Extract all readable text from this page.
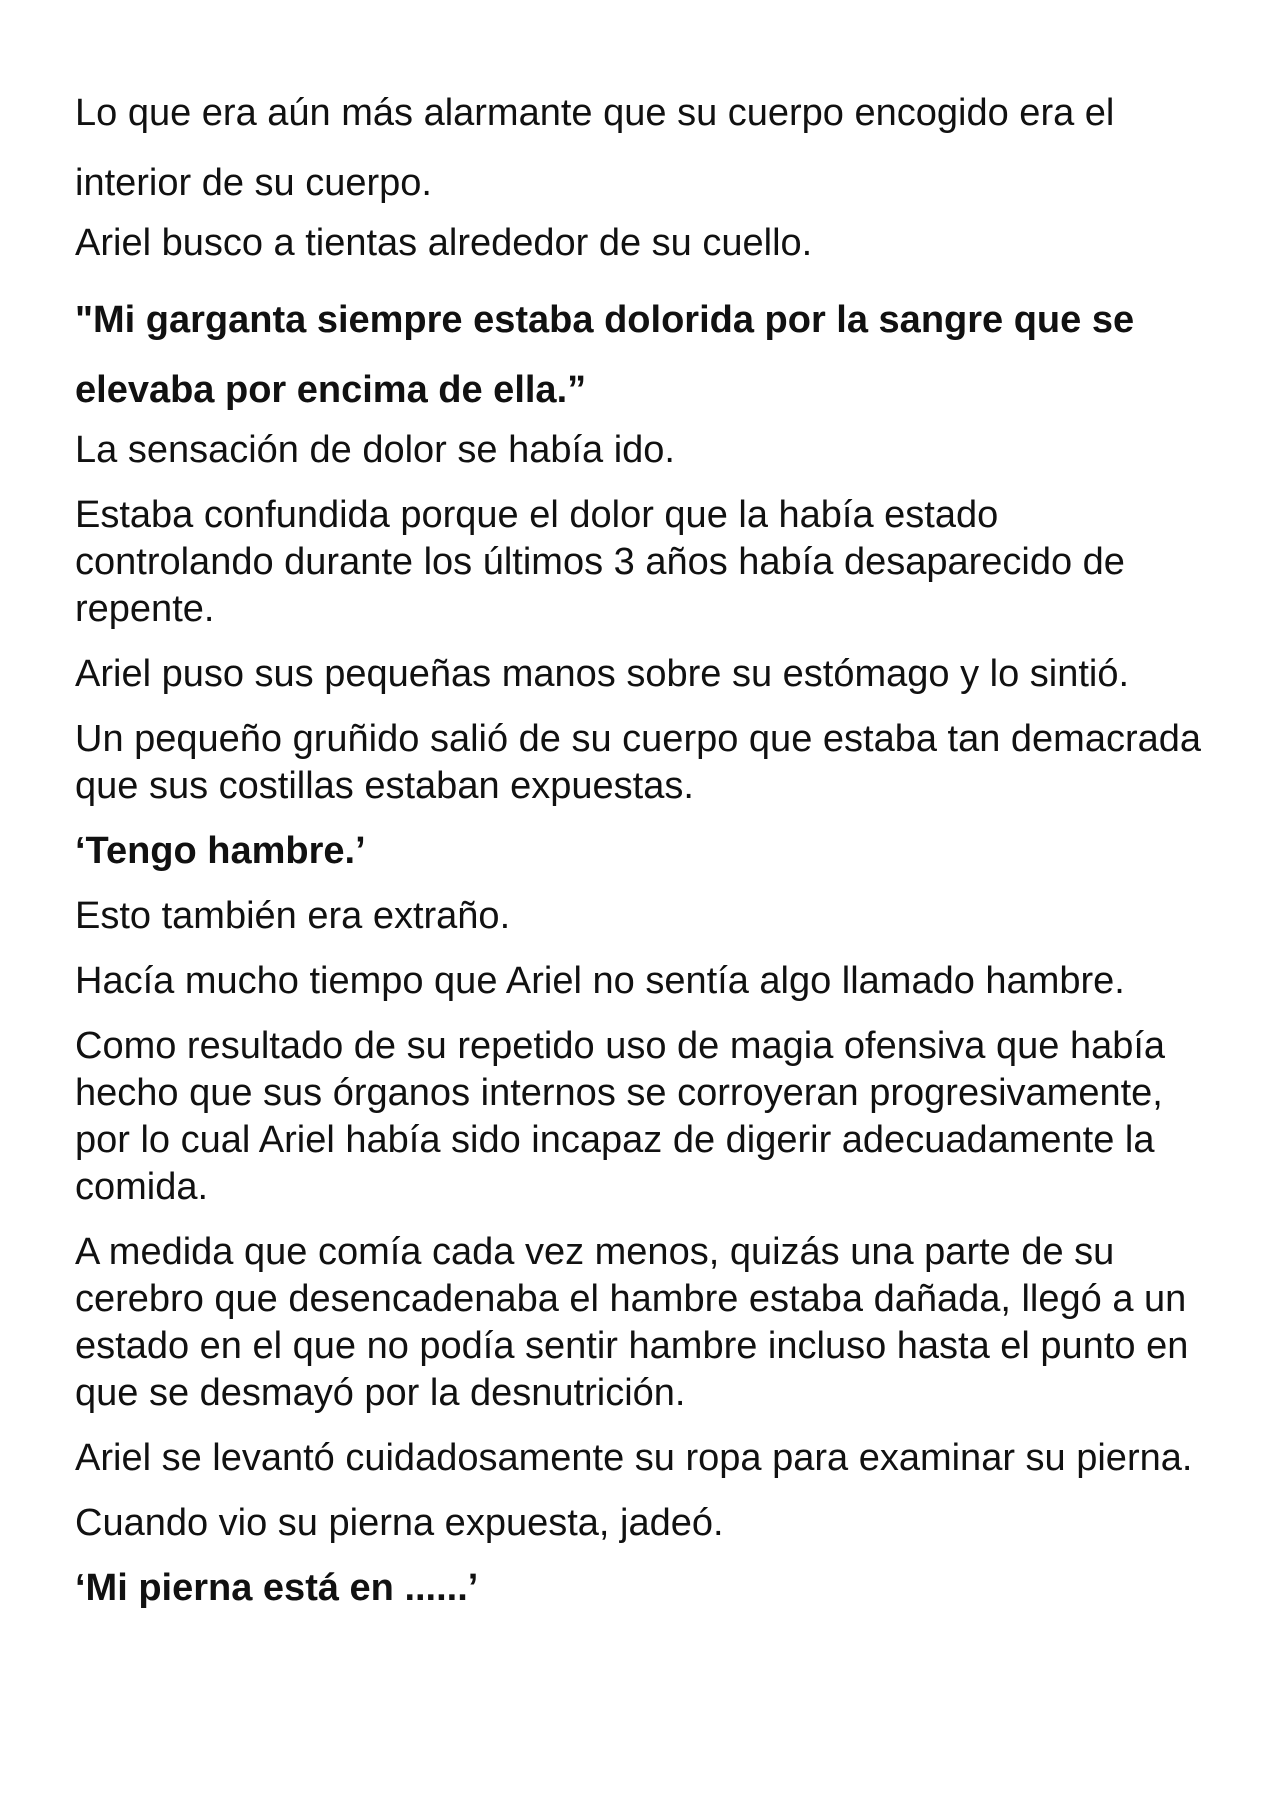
Lo que era aún más alarmante que su cuerpo encogido era el interior de su cuerpo.

Ariel busco a tientas alrededor de su cuello.

"Mi garganta siempre estaba dolorida por la sangre que se elevaba por encima de ella.”

La sensación de dolor se había ido.

Estaba confundida porque el dolor que la había estado controlando durante los últimos 3 años había desaparecido de repente.

Ariel puso sus pequeñas manos sobre su estómago y lo sintió.

Un pequeño gruñido salió de su cuerpo que estaba tan demacrada que sus costillas estaban expuestas.

‘Tengo hambre.’

Esto también era extraño.

Hacía mucho tiempo que Ariel no sentía algo llamado hambre.

Como resultado de su repetido uso de magia ofensiva que había hecho que sus órganos internos se corroyeran progresivamente, por lo cual Ariel había sido incapaz de digerir adecuadamente la comida.

A medida que comía cada vez menos, quizás una parte de su cerebro que desencadenaba el hambre estaba dañada, llegó a un estado en el que no podía sentir hambre incluso hasta el punto en que se desmayó por la desnutrición.

Ariel se levantó cuidadosamente su ropa para examinar su pierna.

Cuando vio su pierna expuesta, jadeó.

‘Mi pierna está en ......’
